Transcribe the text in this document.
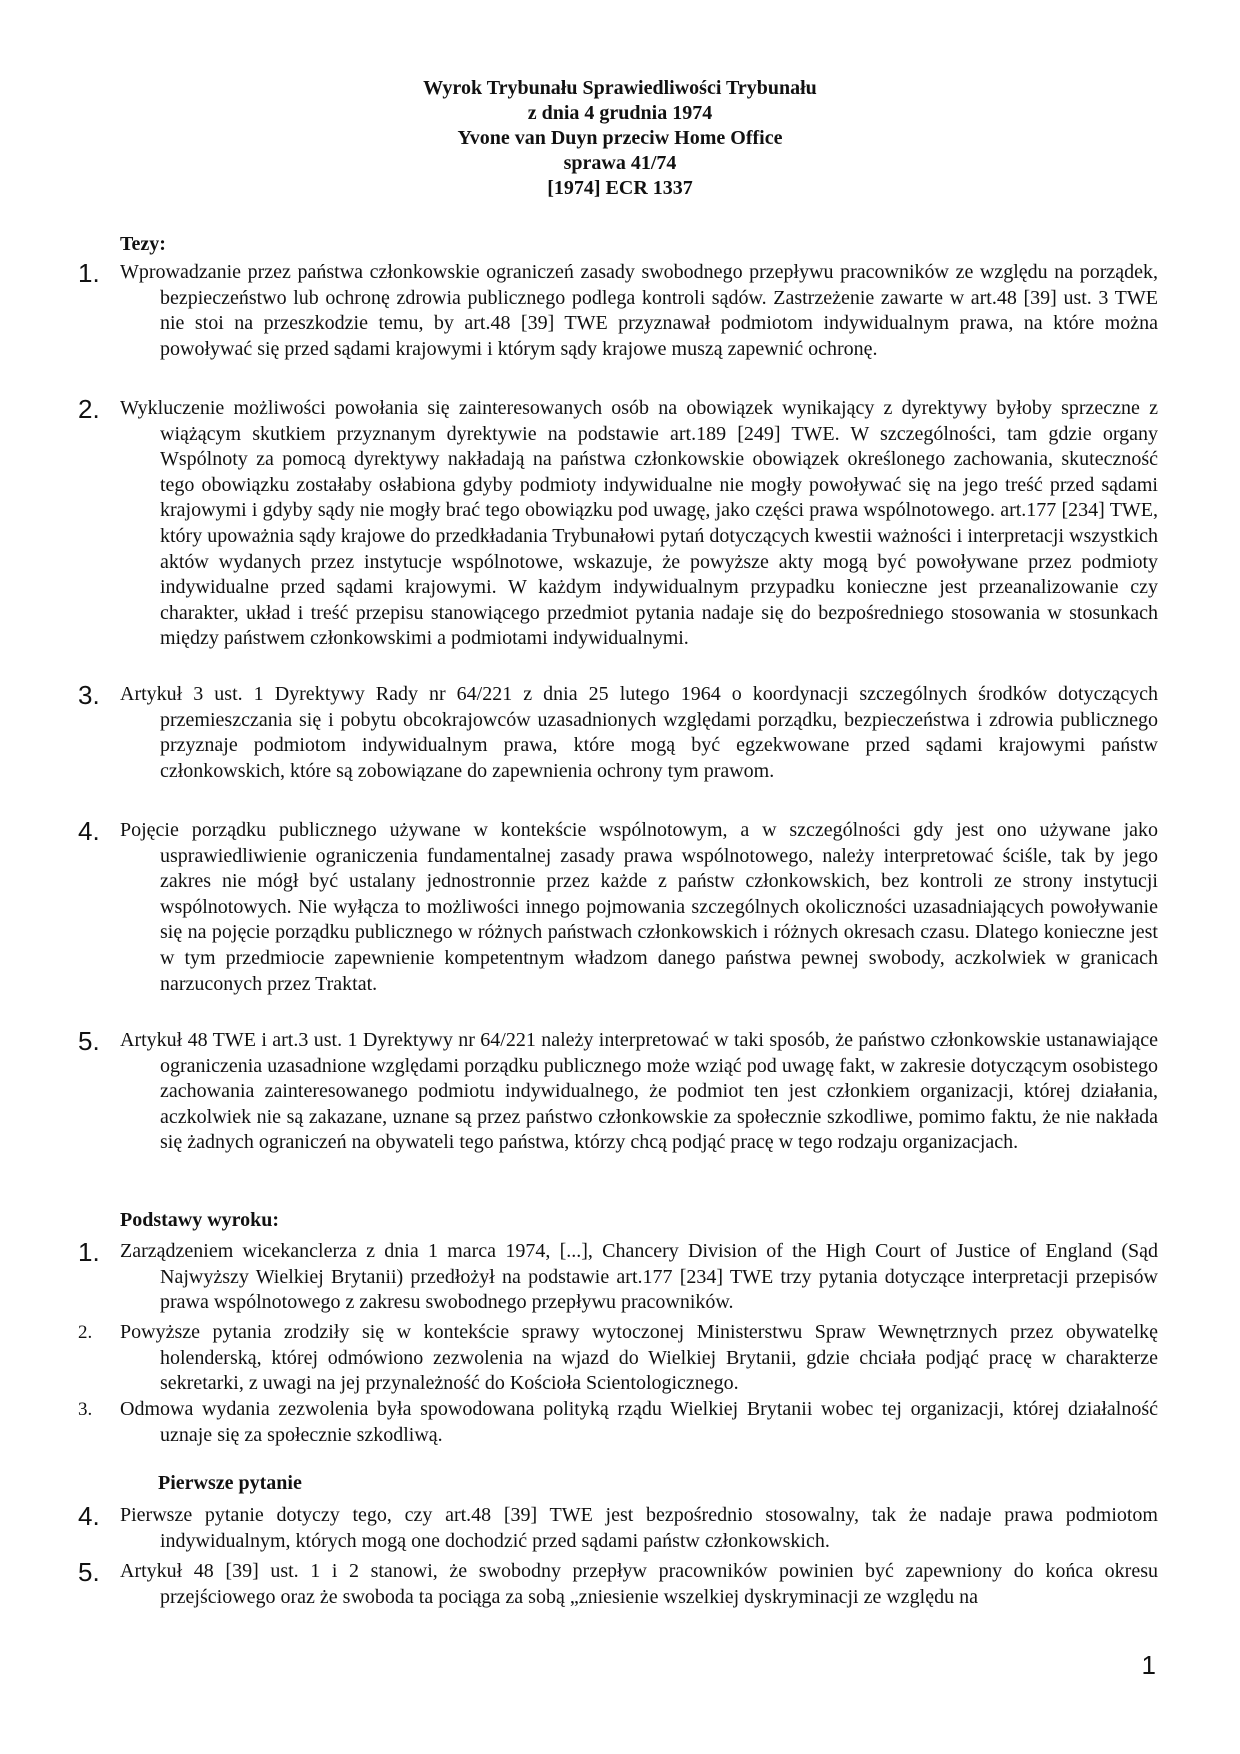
Wyrok Trybunału Sprawiedliwości Trybunału
z dnia 4 grudnia 1974
Yvone van Duyn przeciw Home Office
sprawa 41/74
[1974] ECR 1337
Tezy:
1.	Wprowadzanie przez państwa członkowskie ograniczeń zasady swobodnego przepływu pracowników ze względu na porządek, bezpieczeństwo lub ochronę zdrowia publicznego podlega kontroli sądów. Zastrzeżenie zawarte w art.48 [39] ust. 3 TWE nie stoi na przeszkodzie temu, by art.48 [39] TWE przyznawał podmiotom indywidualnym prawa, na które można powoływać się przed sądami krajowymi i którym sądy krajowe muszą zapewnić ochronę.
2.	Wykluczenie możliwości powołania się zainteresowanych osób na obowiązek wynikający z dyrektywy byłoby sprzeczne z wiążącym skutkiem przyznanym dyrektywie na podstawie art.189 [249] TWE. W szczególności, tam gdzie organy Wspólnoty za pomocą dyrektywy nakładają na państwa członkowskie obowiązek określonego zachowania, skuteczność tego obowiązku zostałaby osłabiona gdyby podmioty indywidualne nie mogły powoływać się na jego treść przed sądami krajowymi i gdyby sądy nie mogły brać tego obowiązku pod uwagę, jako części prawa wspólnotowego. art.177 [234] TWE, który upoważnia sądy krajowe do przedkładania Trybunałowi pytań dotyczących kwestii ważności i interpretacji wszystkich aktów wydanych przez instytucje wspólnotowe, wskazuje, że powyższe akty mogą być powoływane przez podmioty indywidualne przed sądami krajowymi. W każdym indywidualnym przypadku konieczne jest przeanalizowanie czy charakter, układ i treść przepisu stanowiącego przedmiot pytania nadaje się do bezpośredniego stosowania w stosunkach między państwem członkowskimi a podmiotami indywidualnymi.
3.	Artykuł 3 ust. 1 Dyrektywy Rady nr 64/221 z dnia 25 lutego 1964 o koordynacji szczególnych środków dotyczących przemieszczania się i pobytu obcokrajowców uzasadnionych względami porządku, bezpieczeństwa i zdrowia publicznego przyznaje podmiotom indywidualnym prawa, które mogą być egzekwowane przed sądami krajowymi państw członkowskich, które są zobowiązane do zapewnienia ochrony tym prawom.
4.	Pojęcie porządku publicznego używane w kontekście wspólnotowym, a w szczególności gdy jest ono używane jako usprawiedliwienie ograniczenia fundamentalnej zasady prawa wspólnotowego, należy interpretować ściśle, tak by jego zakres nie mógł być ustalany jednostronnie przez każde z państw członkowskich, bez kontroli ze strony instytucji wspólnotowych. Nie wyłącza to możliwości innego pojmowania szczególnych okoliczności uzasadniających powoływanie się na pojęcie porządku publicznego w różnych państwach członkowskich i różnych okresach czasu. Dlatego konieczne jest w tym przedmiocie zapewnienie kompetentnym władzom danego państwa pewnej swobody, aczkolwiek w granicach narzuconych przez Traktat.
5.	Artykuł 48 TWE i art.3 ust. 1 Dyrektywy nr 64/221 należy interpretować w taki sposób, że państwo członkowskie ustanawiające ograniczenia uzasadnione względami porządku publicznego może wziąć pod uwagę fakt, w zakresie dotyczącym osobistego zachowania zainteresowanego podmiotu indywidualnego, że podmiot ten jest członkiem organizacji, której działania, aczkolwiek nie są zakazane, uznane są przez państwo członkowskie za społecznie szkodliwe, pomimo faktu, że nie nakłada się żadnych ograniczeń na obywateli tego państwa, którzy chcą podjąć pracę w tego rodzaju organizacjach.
Podstawy wyroku:
1.	Zarządzeniem wicekanclerza z dnia 1 marca 1974, [...], Chancery Division of the High Court of Justice of England (Sąd Najwyższy Wielkiej Brytanii) przedłożył na podstawie art.177 [234] TWE trzy pytania dotyczące interpretacji przepisów prawa wspólnotowego z zakresu swobodnego przepływu pracowników.
2.	Powyższe pytania zrodziły się w kontekście sprawy wytoczonej Ministerstwu Spraw Wewnętrznych przez obywatelkę holenderską, której odmówiono zezwolenia na wjazd do Wielkiej Brytanii, gdzie chciała podjąć pracę w charakterze sekretarki, z uwagi na jej przynależność do Kościoła Scientologicznego.
3.	Odmowa wydania zezwolenia była spowodowana polityką rządu Wielkiej Brytanii wobec tej organizacji, której działalność uznaje się za społecznie szkodliwą.
Pierwsze pytanie
4.	Pierwsze pytanie dotyczy tego, czy art.48 [39] TWE jest bezpośrednio stosowalny, tak że nadaje prawa podmiotom indywidualnym, których mogą one dochodzić przed sądami państw członkowskich.
5.	Artykuł 48 [39] ust. 1 i 2 stanowi, że swobodny przepływ pracowników powinien być zapewniony do końca okresu przejściowego oraz że swoboda ta pociąga za sobą „zniesienie wszelkiej dyskryminacji ze względu na
1
